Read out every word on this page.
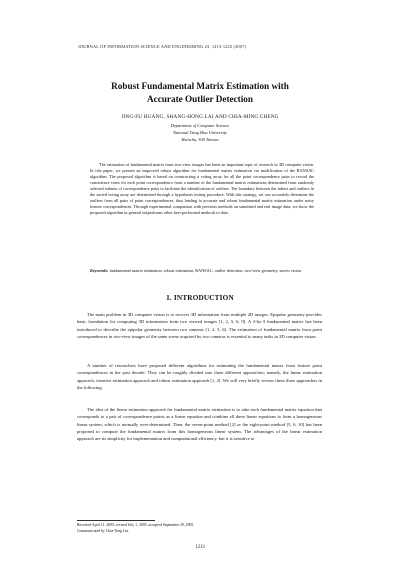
JOURNAL OF INFORMATION SCIENCE AND ENGINEERING 23, 1213-1225 (2007)
Robust Fundamental Matrix Estimation with
Accurate Outlier Detection
JING-FU HUANG, SHANG-HONG LAI AND CHIA-MING CHENG
Department of Computer Science
National Tsing Hua University
Hsinchu, 300 Taiwan

The estimation of fundamental matrix from two-view images has been an important topic of research in 3D computer vision. In this paper, we present an improved robust algorithm for fundamental matrix estimation via modification of the RANSAC algorithm. The proposed algorithm is based on constructing a voting array for all the point correspondence pairs to record the consistence votes for each point correspondence from a number of the fundamental matrix estimations determined from randomly selected subsets of correspondence pairs to facilitate the identification of outliers. The boundary between the inliers and outliers in the sorted voting array are determined through a hypothesis testing procedure. With this strategy, we can accurately determine the outliers from all pairs of point correspondences, thus leading to accurate and robust fundamental matrix estimation under noisy feature correspondences. Through experimental comparison with previous methods on simulated and real image data, we show the proposed algorithm in general outperforms other best-performed methods to date.

Keywords: fundamental matrix estimation, robust estimation, RANSAC, outlier detection, two-view geometry, stereo vision

1. INTRODUCTION

The main problem in 3D computer vision is to recover 3D information from multiple 2D images. Epipolar geometry provides basic foundation for computing 3D information from two viewed images [1, 2, 5, 6, 9]. A 3-by-3 fundamental matrix has been introduced to describe the epipolar geometry between two cameras [1, 2, 5, 6]. The estimation of fundamental matrix from point correspondences in two-view images of the same scene acquired by two cameras is essential to many tasks in 3D computer vision.

A number of researchers have proposed different algorithms for estimating the fundamental matrix from feature point correspondences in the past decade. They can be roughly divided into three different approaches; namely, the linear estimation approach, iterative estimation approach and robust estimation approach [1, 2]. We will very briefly review these three approaches in the following.

The idea of the linear estimation approach for fundamental matrix estimation is to take each fundamental matrix equation that corresponds to a pair of correspondence points as a linear equation and combine all these linear equations to form a homogeneous linear system, which is normally over-determined. Then, the seven-point method [2] or the eight-point method [5, 6, 10] has been proposed to compute the fundamental matrix from this homogeneous linear system. The advantages of the linear estimation approach are its simplicity for implementation and computational efficiency, but it is sensitive to

Received April 11, 2005; revised July 1, 2005; accepted September 29, 2005.

Communicated by Chia-Tang Lin.

1213
